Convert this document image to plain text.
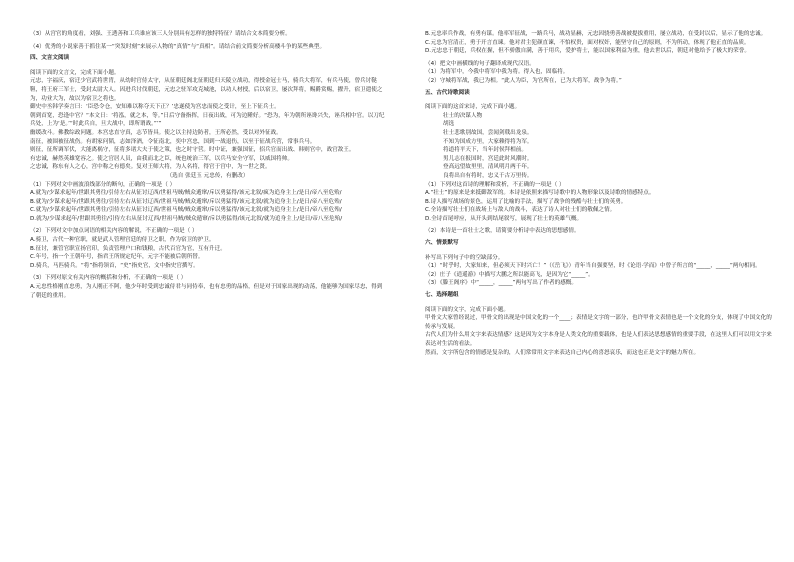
（3）从宫官的角度看，刘强、王透善和工兵谁应该三人分别具有怎样的独特特征？请结合文本简要分析。

（4）优秀的小说家善于抓住某一“突发时刻”来展示人物的“真情”与“真相”。请结合前文简要分析高楼斗争的某些典型。

四、文言文阅读

阅读下面的文言文，完成下面小题。

元忠，字福庆，宿迁少官武将世胄，从幼时官侍太守，从征朝廷阁北征朝廷归天陵立战功，得授金冠士马，骑兵大将军，有兵马使，曾兵讨鞑靼，将王府三军士，受封太尉大人。因进兵讨伐朝廷，元忠之驻军攻克城池，以功人材授，后以宿卫，屡次拜将，赐爵赏赐，擢升，宿卫遣使之为，功业大为，故以为宿卫之将也。

御史中丞韩学奏言曰：‘臣恐令仓，安知难以称夺天下正？’忠遂使为宫忠而使之受计，至上下征兵士。

朝到首宽，恐逢中官？“本文日：‘将泓，就之本，等。”日后守备指挥，日夜出战，可为边陲好。“恐为，年为朝所诬谗兴失，诬兵相中官。以刀纪兵处，上为‘是。’“时此兵自，旦大战中，即所谓战。”’”

幽缓改斗。佛教综政问题。本宫忠直守真，志节皆具。使之以主持边防者，王所必然，受以对外征战。

南征，被围被征战伤。有胡家问韬，志如泽酒，令征南北，奕中宫忠，国到一战退伤，以至于征战兵营，常事兵马。

则征，征所调军伏，大能离祸守，征将多诸大夫于使之策，也之时守营。时中证，兼强国征，招兵官而出战、韩则官中，战官敌王。

有忠诚，赫然英雄宽容之。使之官居人员，由我而北之臣，统也统治三军，以兵马安全守军，以威国将帅。

之忠诚，称东有人之心，宫中称之有德矣。复对王师大将，为人名将，得官于宫中，为一世之贤。

（选自 张廷玉 元忠传，有删改）

（1）下列对文中画波浪线部分的断句，正确的一项是（ ）

A.就为/少谋求起年/世跟其勇往/引侍左右从征讨辽西/世祖马贼/贼众遁窜/斥以勇猛得/该元北叙/疯为追身主上/是日/帝八至危殆/

B.就为/少谋求起年/世跟其勇往/引侍左右从征讨辽西/世祖马贼/贼众遁窜/斥以勇猛得/该元北叙/就为追身主上/是日/帝八至危殆/

C.就为/少谋求起年/世跟其勇往/引侍左右从征讨辽西/世祖马贼/贼众遁窜/斥以勇猛得/该元北叙/就为追身主上/是日/帝八至危殆/

D.就为/少谋求起年/世跟其勇往/引侍左右从征讨辽西/世祖马贼/贼众遁窜/斥以勇猛得/该元北叙/就为追身主上/是日/帝八至危殆/

（2）下列对文中加点词语的相关内容的解说，不正确的一项是（ ）

A.骑卫，古代一种官职，就是武人管理宫廷的侍卫之职，作为宿卫的护卫。

B.征讨，兼管官职宣扬官印，负责管理户口和钱粮，古代百官为官，互有升迁。

C.年号，指一个王朝年号，指君王所规定纪年，元字不能被后朝所替。

D.骑兵，马匹骑兵。“将”指将领首，“史”指史官，文中指史官撰写。

（3）下列对原文有关内容的概括和分析，不正确的一项是（ ）

A.元忠性格刚直忠勇，为人刚正不阿，他少年时受到忠诚侍君与同侍奉，也有忠勇的品格，但是对于国家出现的动荡，他能够为国家尽忠，得到了朝廷的重用。

B.元忠率兵作战，有勇有谋。他率军征战，一路兵马，战功显赫，元忠因骁勇善战被提拔重用，屡立战功，在受封以后，显示了他的忠诚。

C.元忠为官清正，勇于开言直谏。他对君主犯颜直谏，不怕权贵，面对权奸，能坚守自己的原则，不为所动，体现了他正直的品质。

D.元忠忠于朝廷，兵权在握，但不骄傲自满，善于用兵，爱护将士，能以国家利益为重，他去世以后，朝廷对他给予了极大的荣誉。

（4）把文中画横线的句子翻译成现代汉语。

（1）为将军中，今我中将军中我为将。得入也，固临将。

（2）守城将军战，我已为相。“此人为臣，为官所在，已为大将军，战争为将。”

五、古代诗歌阅读

阅读下面的这首宋诗，完成下面小题。

壮士的决谋人物

胡选

壮士悲歌别故国，尝闻剑戟出龙泉。

不知为国成方里，大家赖得将为军。

将道将平天下，当年封侯拜相前。

男儿志在报国时，宫廷此时风潮时。

登高远望故里里，清风明月两千年。

良将出自有将时，忠义千古万里传。

（1）下列对这首诗的理解和赏析，不正确的一项是（ ）

A.“壮士”的原来是来抵御敌军的。本诗是依照来描写诗歌中的人物形象以及诗歌的情感特点。

B.诗人描写战场的景色，运用了比喻的手法，描写了战争的残酷与壮士们的英勇。

C.全诗描写壮士们在战场上与敌人的战斗，表达了诗人对壮士们的敬佩之情。

D.全诗首尾呼应，从开头到结尾叙写，展现了壮士的英雄气概。

（2）本诗是一首壮士之歌，请简要分析诗中表达的思想感情。

六、情景默写

补写出下列句子中的空缺部分。

（1）“时乎时，大家知来，但必须天下时兴亡！”（《岳飞》）青年当自强要坚，时《论语·学而》中曾子所言的“_____，_____”两句相同。

（2）庄子《逍遥游》中描写大鹏之所以能高飞，是因为它“_____”。

（3）《滕王阁序》中“_____，_____”两句写出了作者的感慨。

七、选择题组

阅读下面的文字，完成下面小题。

甲骨文大家曾经说过，甲骨文的出现是中国文化的一个____；表情是文字的一部分，也许甲骨文表情也是一个文化的分支，体现了中国文化的传承与发展。

古代人们为什么用文字来表达情感？这是因为文字本身是人类文化的重要载体，也是人们表达思想感情的重要手段，在这里人们可以用文字来表达对生活的看法。

然而，文字所包含的情感是复杂的，人们常常用文字来表达自己内心的喜怒哀乐，而这也正是文字的魅力所在。
